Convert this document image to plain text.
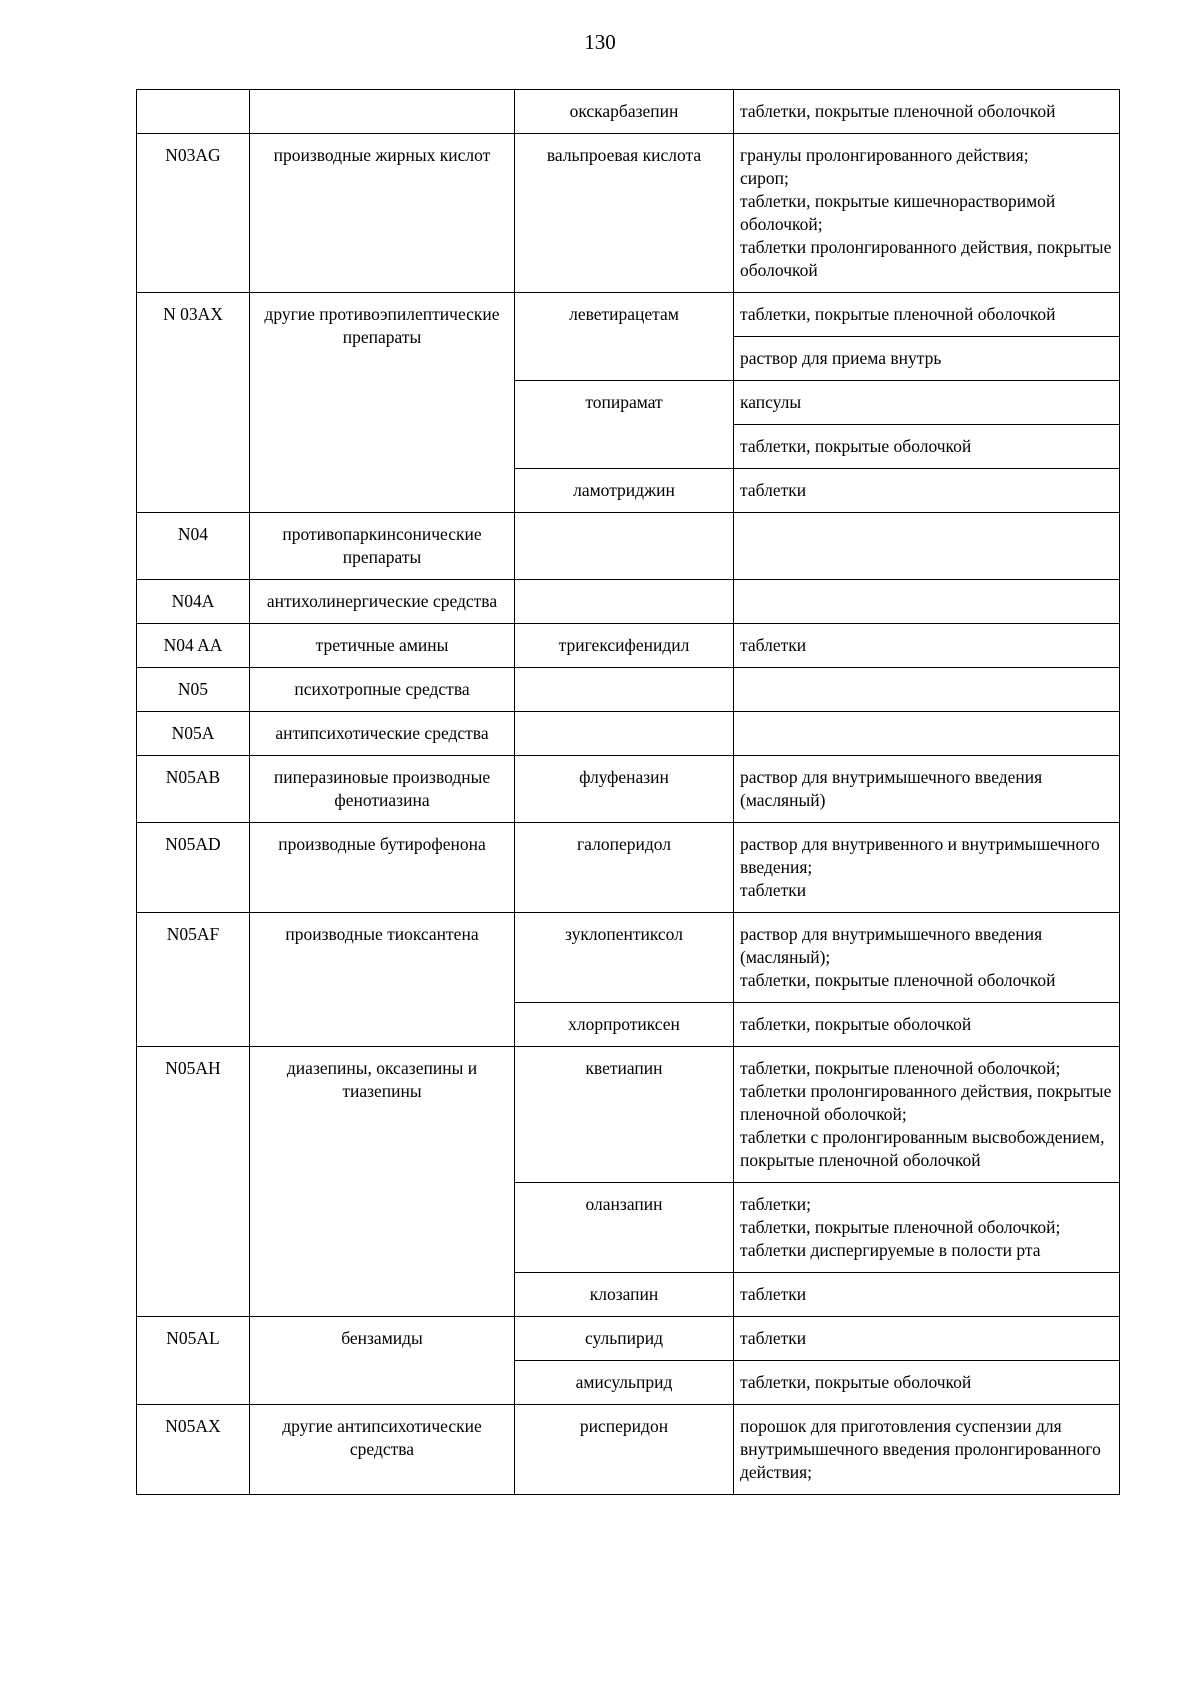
130
		окскарбазепин	таблетки, покрытые пленочной оболочкой

N03AG	производные жирных кислот	вальпроевая кислота	гранулы пролонгированного действия;
сироп;
таблетки, покрытые кишечнорастворимой оболочкой;
таблетки пролонгированного действия, покрытые оболочкой

N 03AX	другие противоэпилептические препараты	леветирацетам	таблетки, покрытые пленочной оболочкой

			раствор для приема внутрь

		топирамат	капсулы

			таблетки, покрытые оболочкой

		ламотриджин	таблетки

N04	противопаркинсонические препараты		
N04A	антихолинергические средства		
N04 AA	третичные амины	тригексифенидил	таблетки

N05	психотропные средства		
N05A	антипсихотические средства		
N05AB	пиперазиновые производные фенотиазина	флуфеназин	раствор для внутримышечного введения (масляный)

N05AD	производные бутирофенона	галоперидол	раствор для внутривенного и внутримышечного введения;
таблетки

N05AF	производные тиоксантена	зуклопентиксол	раствор для внутримышечного введения (масляный);
таблетки, покрытые пленочной оболочкой

		хлорпротиксен	таблетки, покрытые оболочкой

N05AH	диазепины, оксазепины и тиазепины	кветиапин	таблетки, покрытые пленочной оболочкой;
таблетки пролонгированного действия, покрытые пленочной оболочкой;
таблетки с пролонгированным высвобождением, покрытые пленочной оболочкой

		оланзапин	таблетки;
таблетки, покрытые пленочной оболочкой;
таблетки диспергируемые в полости рта

		клозапин	таблетки

N05AL	бензамиды	сульпирид	таблетки

		амисульприд	таблетки, покрытые оболочкой

N05AX	другие антипсихотические средства	рисперидон	порошок для приготовления суспензии для внутримышечного введения пролонгированного действия;
